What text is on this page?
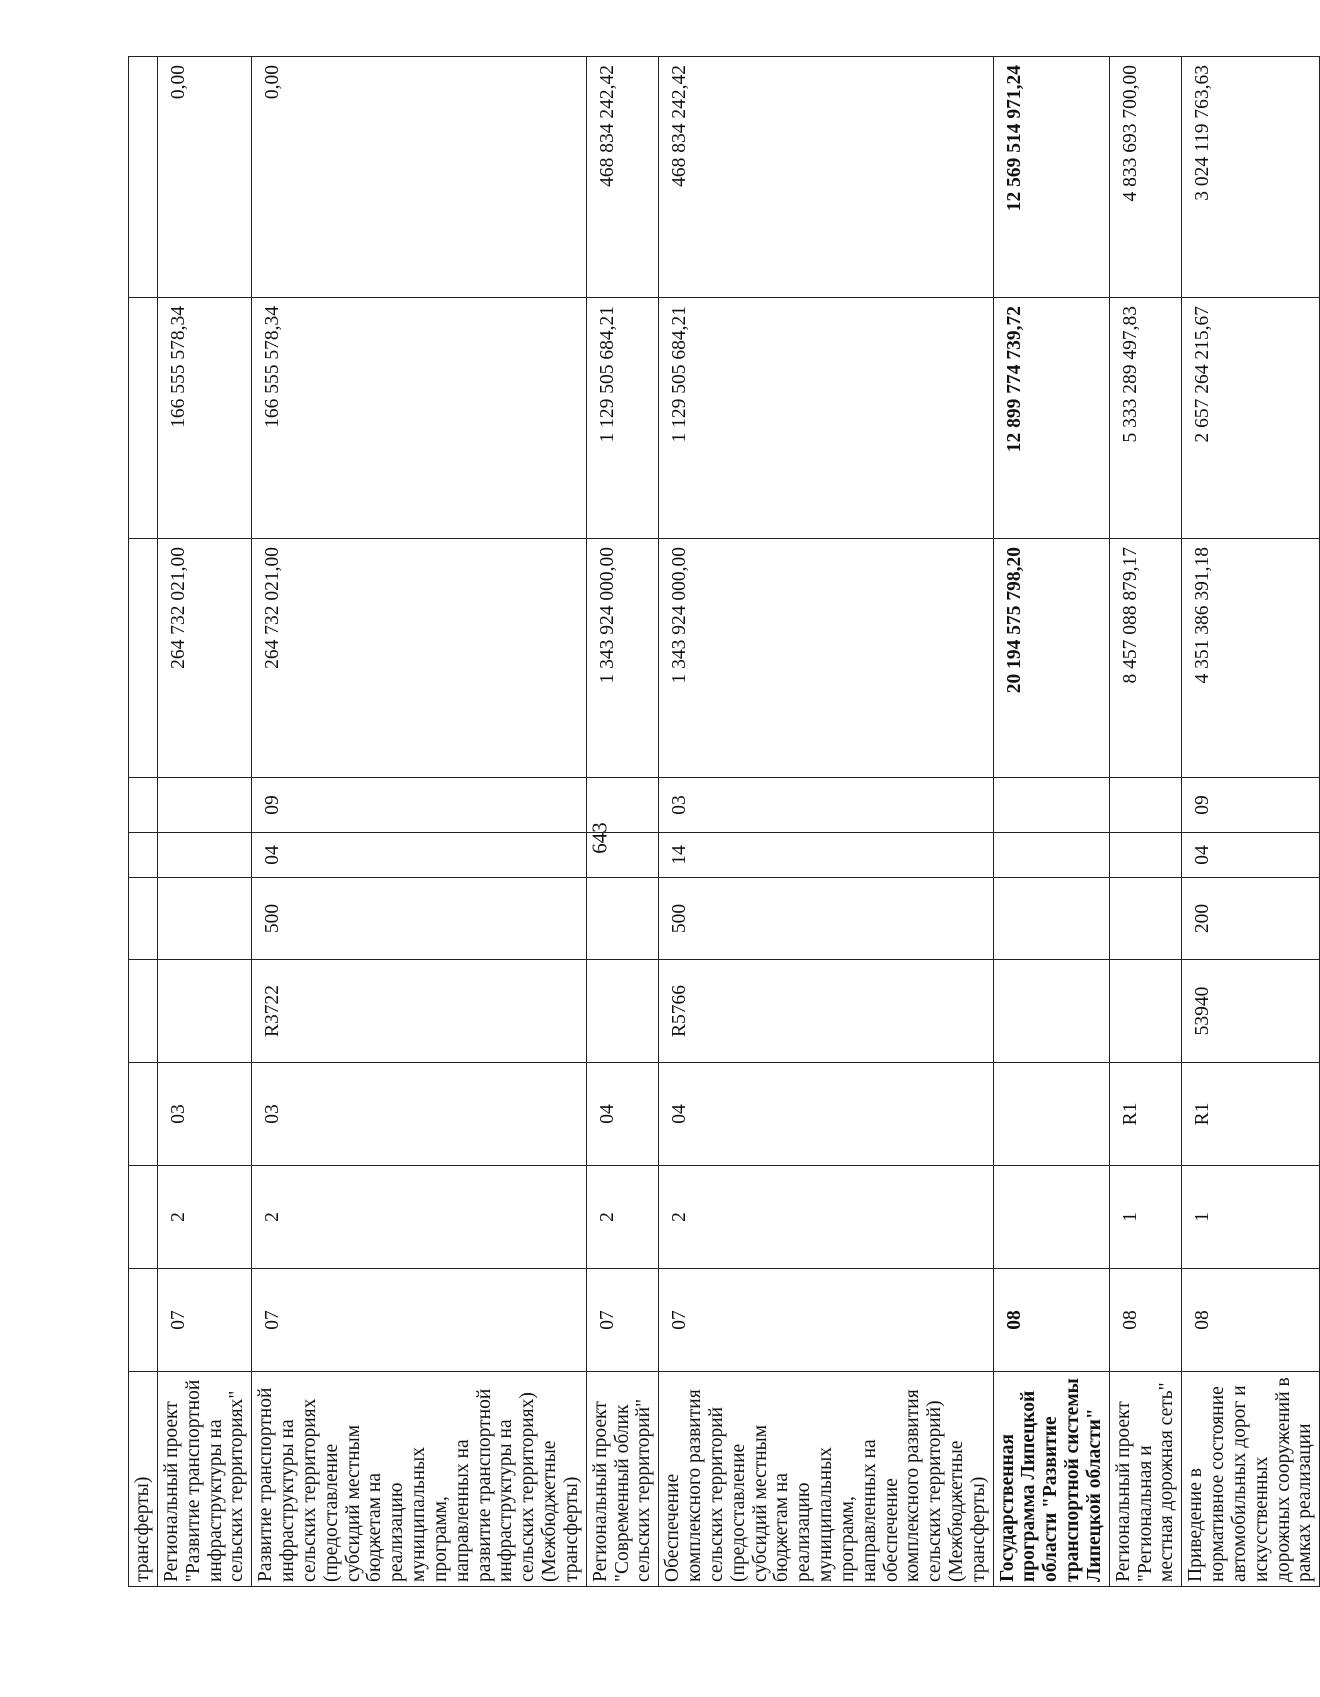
643
трансферты)										
Региональный проект "Развитие транспортной инфраструктуры на сельских территориях"	07	2	03					264 732 021,00	166 555 578,34	0,00
Развитие транспортной инфраструктуры на сельских территориях (предоставление субсидий местным бюджетам на реализацию муниципальных программ, направленных на развитие транспортной инфраструктуры на сельских территориях) (Межбюджетные трансферты)	07	2	03	R3722	500	04	09	264 732 021,00	166 555 578,34	0,00
Региональный проект "Современный облик сельских территорий"	07	2	04					1 343 924 000,00	1 129 505 684,21	468 834 242,42
Обеспечение комплексного развития сельских территорий (предоставление субсидий местным бюджетам на реализацию муниципальных программ, направленных на обеспечение комплексного развития сельских территорий) (Межбюджетные трансферты)	07	2	04	R5766	500	14	03	1 343 924 000,00	1 129 505 684,21	468 834 242,42
Государственная программа Липецкой области "Развитие транспортной системы Липецкой области"	08							20 194 575 798,20	12 899 774 739,72	12 569 514 971,24
Региональный проект "Региональная и местная дорожная сеть"	08	1	R1					8 457 088 879,17	5 333 289 497,83	4 833 693 700,00
Приведение в нормативное состояние автомобильных дорог и искусственных дорожных сооружений в рамках реализации	08	1	R1	53940	200	04	09	4 351 386 391,18	2 657 264 215,67	3 024 119 763,63
